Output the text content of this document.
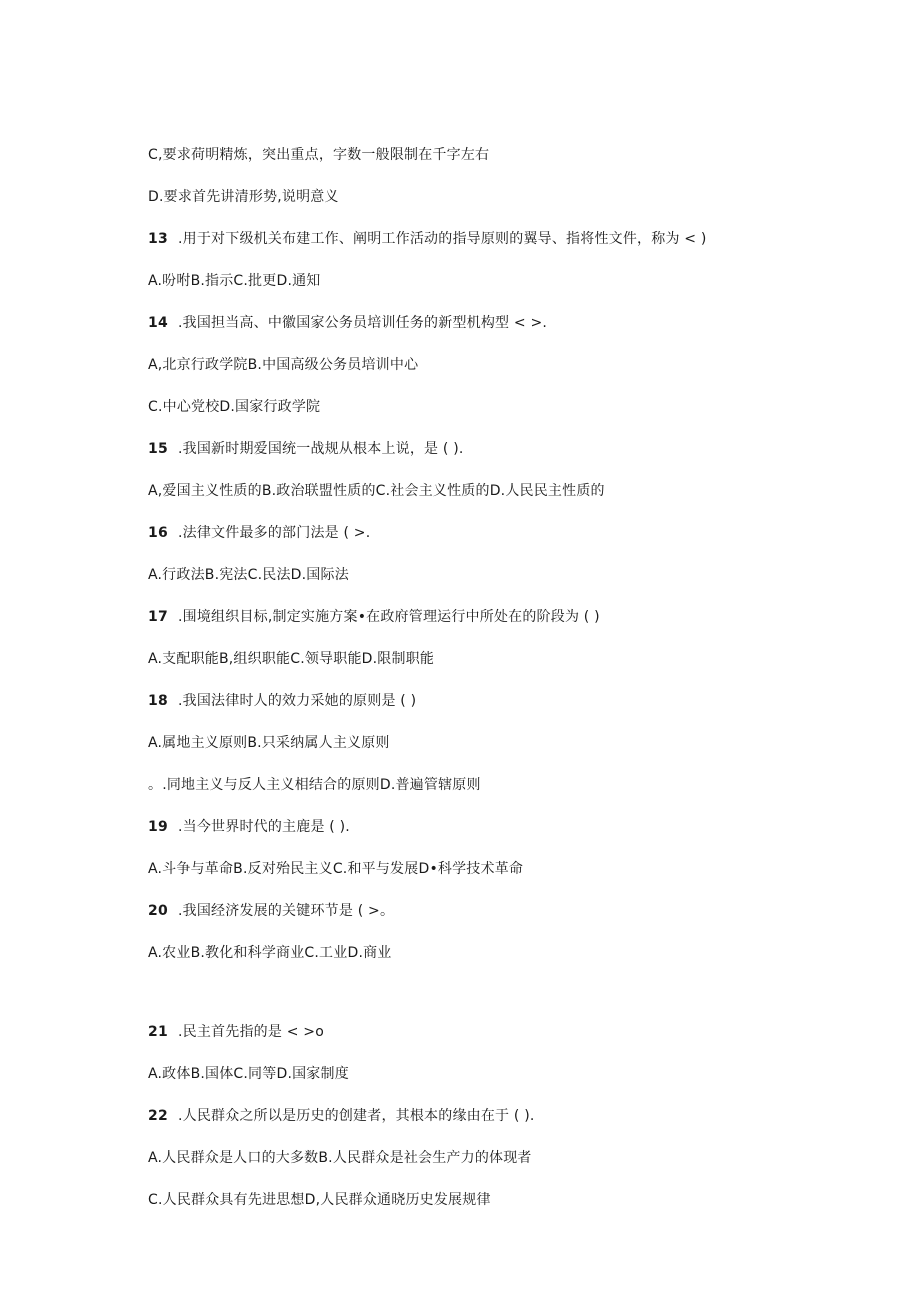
C,要求荷明精炼，突出重点，字数一般限制在千字左右
D.要求首先讲清形势,说明意义
13 .用于对下级机关布建工作、阐明工作活动的指导原则的翼导、指将性文件，称为 < )
A.吩咐B.指示C.批更D.通知
14 .我国担当高、中徽国家公务员培训任务的新型机构型 < >.
A,北京行政学院B.中国高级公务员培训中心
C.中心党校D.国家行政学院
15 .我国新时期爱国统一战规从根本上说，是 ( ).
A,爱国主义性质的B.政治联盟性质的C.社会主义性质的D.人民民主性质的
16 .法律文件最多的部门法是 ( >.
A.行政法B.宪法C.民法D.国际法
17 .围境组织目标,制定实施方案•在政府管理运行中所处在的阶段为 ( )
A.支配职能B,组织职能C.领导职能D.限制职能
18 .我国法律时人的效力采她的原则是 ( )
A.属地主义原则B.只采纳属人主义原则
。.同地主义与反人主义相结合的原则D.普遍管辖原则
19 .当今世界时代的主鹿是 ( ).
A.斗争与革命B.反对殆民主义C.和平与发展D•科学技术革命
20 .我国经济发展的关键环节是 ( >。
A.农业B.教化和科学商业C.工业D.商业
21 .民主首先指的是 < >o
A.政体B.国体C.同等D.国家制度
22 .人民群众之所以是历史的创建者，其根本的缘由在于 ( ).
A.人民群众是人口的大多数B.人民群众是社会生产力的体现者
C.人民群众具有先进思想D,人民群众通晓历史发展规律
